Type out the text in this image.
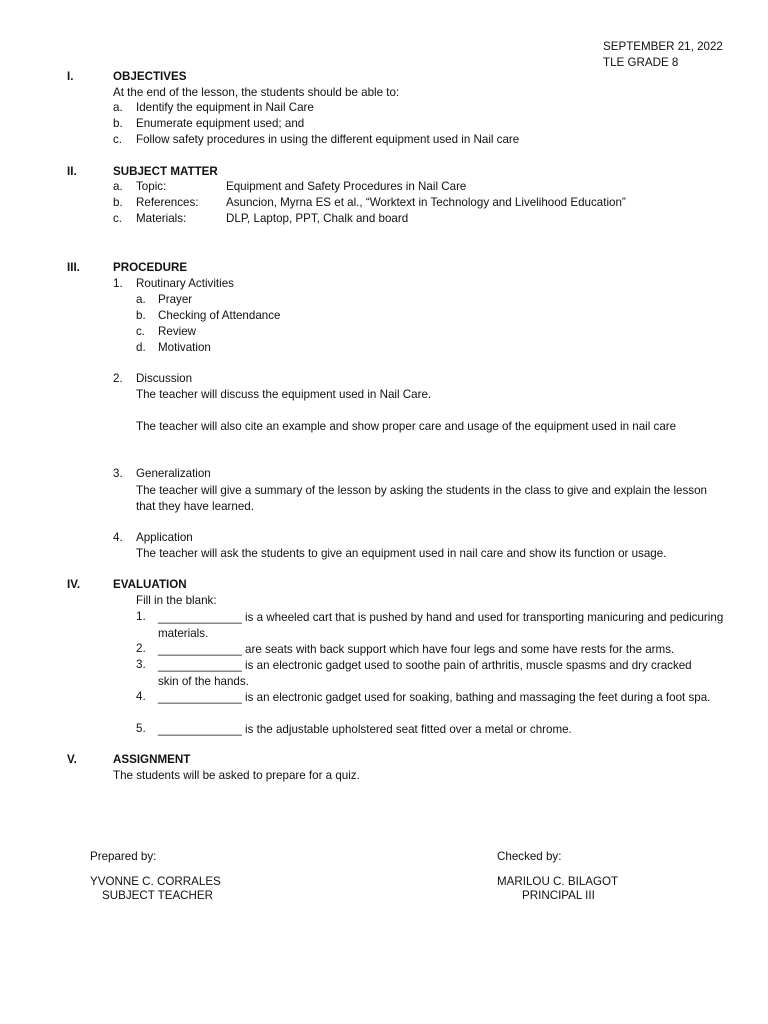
SEPTEMBER 21, 2022
TLE GRADE 8
I.	OBJECTIVES
At the end of the lesson, the students should be able to:
a. Identify the equipment in Nail Care
b. Enumerate equipment used; and
c. Follow safety procedures in using the different equipment used in Nail care
II.	SUBJECT MATTER
a. Topic:	Equipment and Safety Procedures in Nail Care
b. References: Asuncion, Myrna ES et al., “Worktext in Technology and Livelihood Education”
c. Materials:	DLP, Laptop, PPT, Chalk and board
III.	PROCEDURE
1. Routinary Activities
a. Prayer
b. Checking of Attendance
c. Review
d. Motivation
2. Discussion
The teacher will discuss the equipment used in Nail Care.
The teacher will also cite an example and show proper care and usage of the equipment used in nail care
3. Generalization
The teacher will give a summary of the lesson by asking the students in the class to give and explain the lesson that they have learned.
4. Application
The teacher will ask the students to give an equipment used in nail care and show its function or usage.
IV.	EVALUATION
Fill in the blank:
1. _____________ is a wheeled cart that is pushed by hand and used for transporting manicuring and pedicuring materials.
2. _____________ are seats with back support which have four legs and some have rests for the arms.
3. _____________ is an electronic gadget used to soothe pain of arthritis, muscle spasms and dry cracked skin of the hands.
4. _____________ is an electronic gadget used for soaking, bathing and massaging the feet during a foot spa.
5. _____________ is the adjustable upholstered seat fitted over a metal or chrome.
V.	ASSIGNMENT
The students will be asked to prepare for a quiz.
Prepared by:
YVONNE C. CORRALES
SUBJECT TEACHER
Checked by:
MARILOU C. BILAGOT
PRINCIPAL III
